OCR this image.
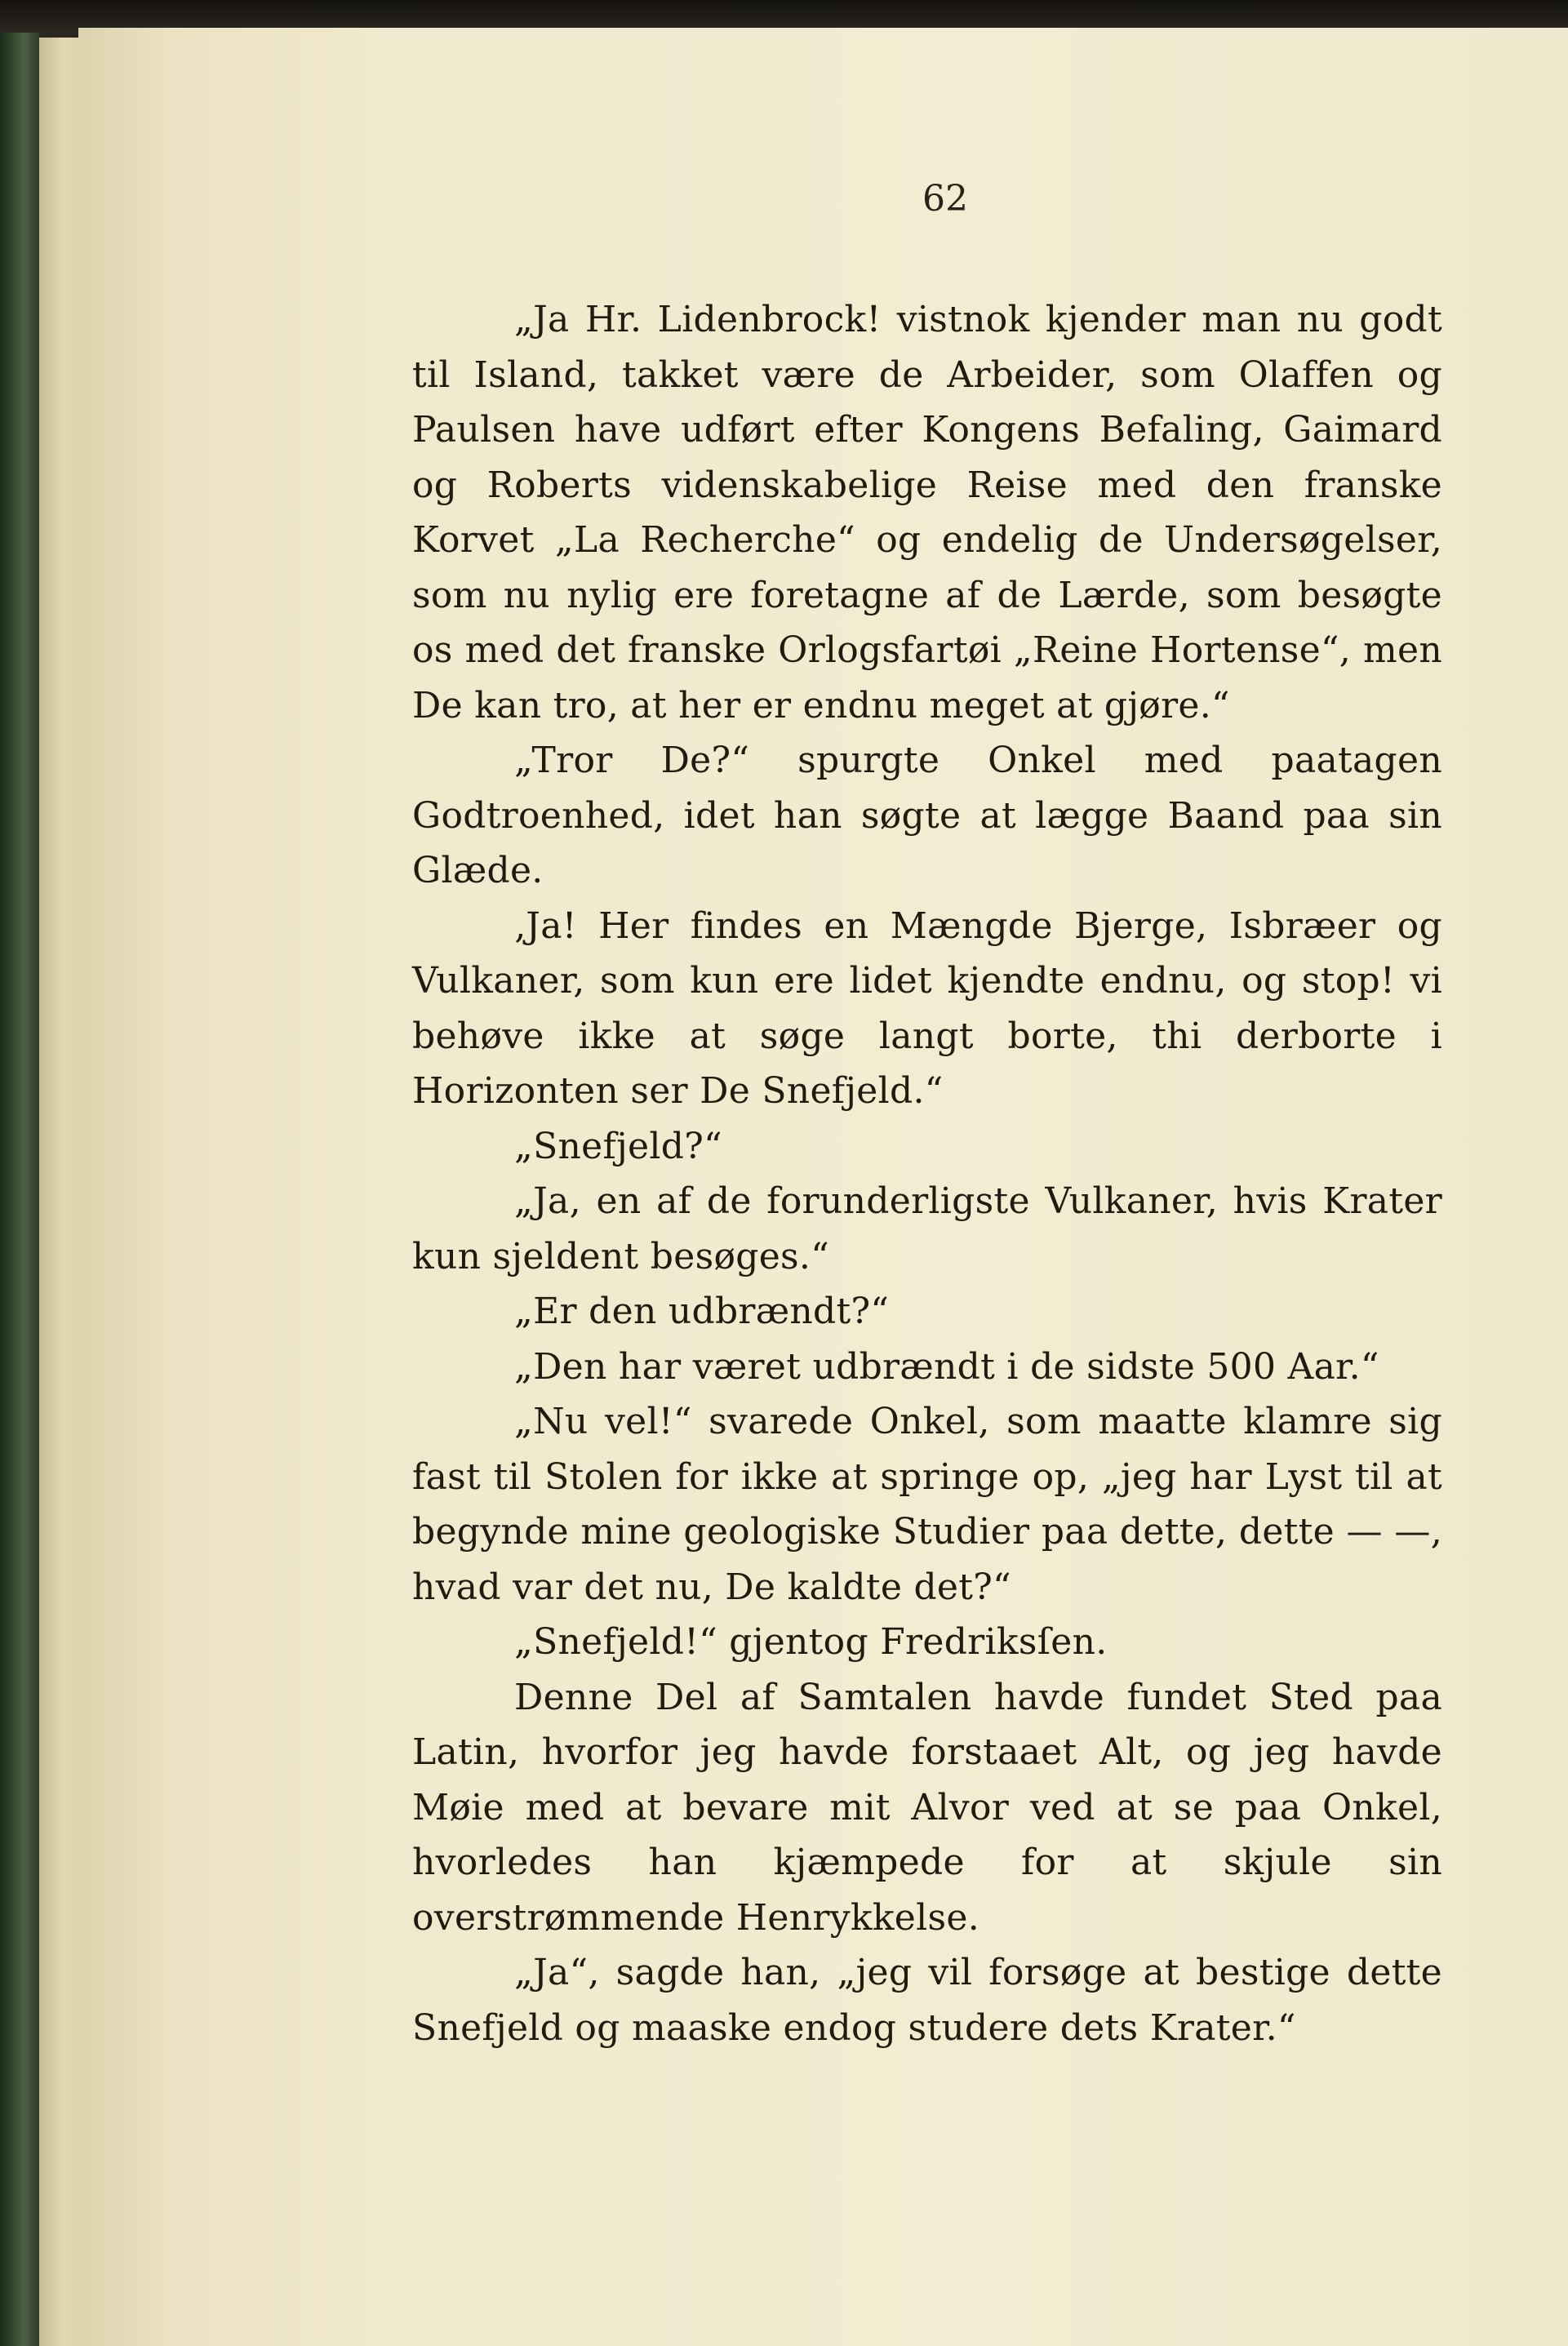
62

„Ja Hr. Lidenbrock! vistnok kjender man nu godt til Island, takket være de Arbeider, som Olaffen og Paulsen have udført efter Kongens Befaling, Gaimard og Roberts videnskabelige Reise med den franske Korvet „La Recherche“ og endelig de Undersøgelser, som nu nylig ere foretagne af de Lærde, som besøgte os med det franske Orlogsfartøi „Reine Hortense“, men De kan tro, at her er endnu meget at gjøre.“

„Tror De?“ spurgte Onkel med paatagen Godtroenhed, idet han søgte at lægge Baand paa sin Glæde.

‚Ja! Her findes en Mængde Bjerge, Isbræer og Vulkaner, som kun ere lidet kjendte endnu, og stop! vi behøve ikke at søge langt borte, thi derborte i Horizonten ser De Snefjeld.“

„Snefjeld?“

„Ja, en af de forunderligste Vulkaner, hvis Krater kun sjeldent besøges.“

„Er den udbrændt?“

„Den har været udbrændt i de sidste 500 Aar.“

„Nu vel!“ svarede Onkel, som maatte klamre sig fast til Stolen for ikke at springe op, „jeg har Lyst til at begynde mine geologiske Studier paa dette, dette — —, hvad var det nu, De kaldte det?“

„Snefjeld!“ gjentog Fredriksſen.

Denne Del af Samtalen havde fundet Sted paa Latin, hvorfor jeg havde forstaaet Alt, og jeg havde Møie med at bevare mit Alvor ved at se paa Onkel, hvorledes han kjæmpede for at skjule sin overstrømmende Henrykkelse.

„Ja“, sagde han, „jeg vil forsøge at bestige dette Snefjeld og maaske endog studere dets Krater.“
